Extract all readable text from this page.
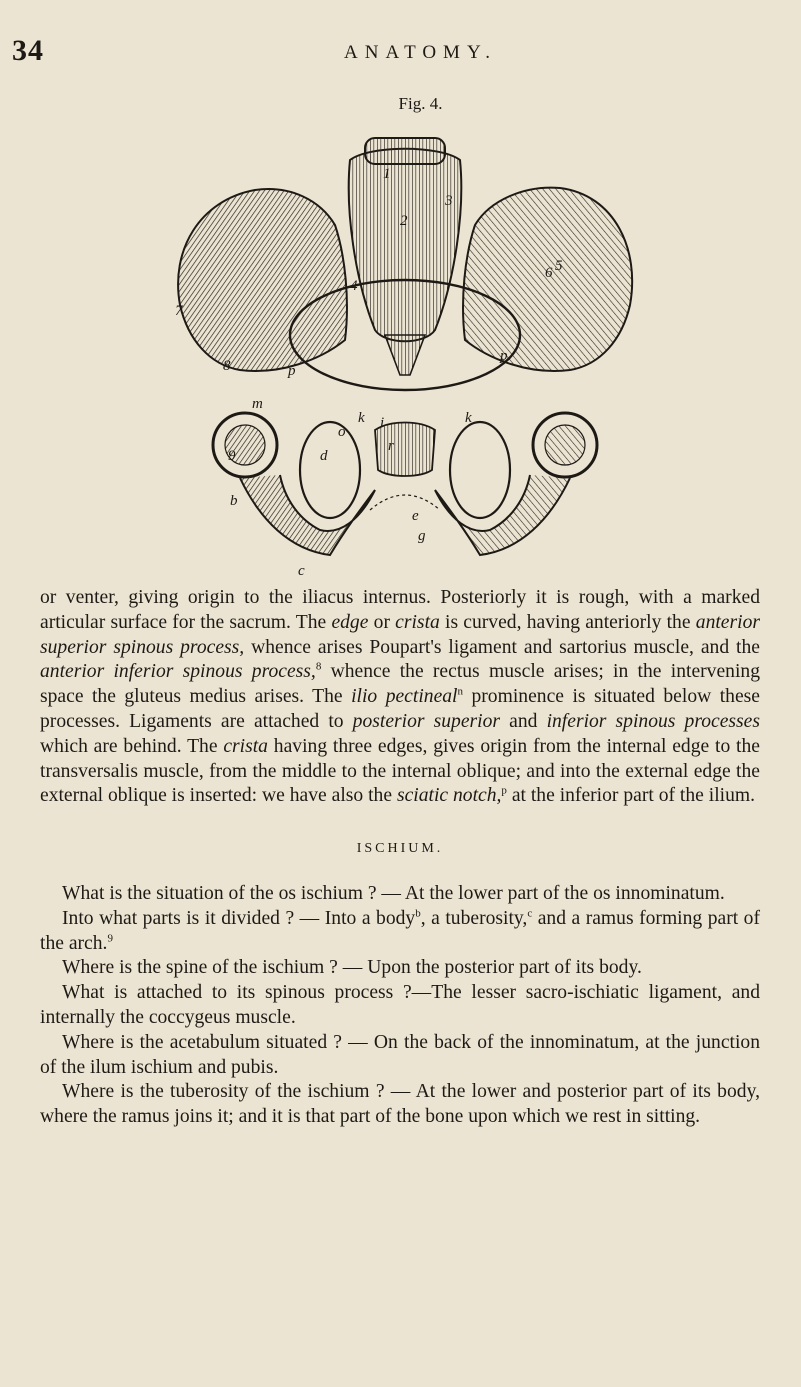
34	ANATOMY.
Fig. 4.
1
2
3
4
5
6
7
8
9
p
p
k	k
i
o
m
b
c
d
e
g
r

or venter, giving origin to the iliacus internus. Posteriorly it is rough, with a marked articular surface for the sacrum. The edge or crista is curved, having anteriorly the anterior superior spinous process, whence arises Poupart's ligament and sartorius muscle, and the anterior inferior spinous process,$^8$ whence the rectus muscle arises; in the intervening space the gluteus medius arises. The ilio pectineal$^n$ prominence is situated below these processes. Ligaments are attached to posterior superior and inferior spinous processes which are behind. The crista having three edges, gives origin from the internal edge to the transversalis muscle, from the middle to the internal oblique; and into the external edge the external oblique is inserted: we have also the sciatic notch,$^p$ at the inferior part of the ilium.

ISCHIUM.

What is the situation of the os ischium ? — At the lower part of the os innominatum.

Into what parts is it divided ? — Into a body$^b$, a tuberosity,$^c$ and a ramus forming part of the arch.$^9$

Where is the spine of the ischium ? — Upon the posterior part of its body.

What is attached to its spinous process ?—The lesser sacro-ischiatic ligament, and internally the coccygeus muscle.

Where is the acetabulum situated ? — On the back of the innominatum, at the junction of the ilum ischium and pubis.

Where is the tuberosity of the ischium ? — At the lower and posterior part of its body, where the ramus joins it; and it is that part of the bone upon which we rest in sitting.
